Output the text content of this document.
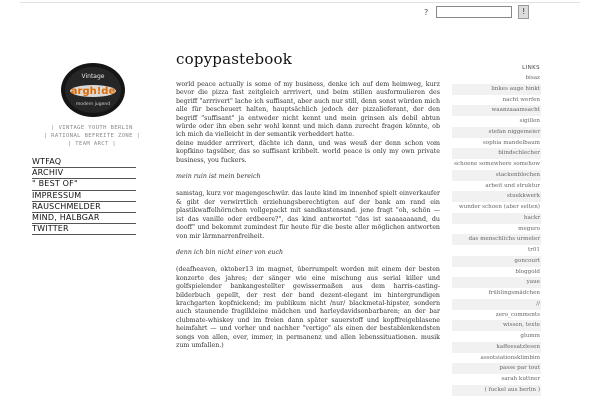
?	!
Vintage
argh!de
modern jugend
| VINTAGE YOUTH BERLIN
| RATIONAL BEFREITE ZONE |
| TEAM ARCT |
WTFAQ
ARCHIV
" BEST OF"
IMPRESSUM
RAUSCHMELDER
MIND, HALBGAR
TWITTER
copypastebook

world peace actually is some of my business, denke ich auf dem heimweg, kurz bevor die pizza fast zeitgleich arrrivert, und beim stillen ausformulieren des begriff "arrrivert" lache ich suffisant, aber auch nur still, denn sonst würden mich alle für bescheuert halten, hauptsächlich jedoch der pizzalieferant, der den begriff "suffisant" ja entweder nicht kennt und mein grinsen als debil abtun würde oder ihn eben sehr wohl kennt und mich dann zurecht fragen könnte, ob ich mich da vielleicht in der semantik verheddert hatte.
deine mudder arrrivert, dächte ich dann, und was weuß der denn schon vom kopfkino tagsüber, das so suffisant kribbelt. world peace is only my own private business, you fuckers.

mein ruin ist mein bereich

samstag, kurz vor magengeschwür. das laute kind im innenhof spielt einverkaufer & gibt der verwirrtlich erziehungsberechtigten auf der bank am rand ein plastikwaffelhörnchen vollgepackt mit sandkastensand. jene fragt "oh, schön — ist das vanille oder erdbeere?", das kind antwortet "das ist saaaaaaaand, du dooff" und bekommt zumindest für heute für die beste aller möglichen antworten von mir lärmnarrenfreiheit.

denn ich bin nicht einer von euch

(deafheaven, oktober13 im magnet, überrumpelt worden mit einem der besten konzerte des jahres; der sänger wie eine mischung aus serial killer und golfspielender bankangestellter gewissermaßen aus dem harris-casting-bilderbuch gepellt, der rest der band dezent-elegant im hintergrundigen krachgarten kopfnickend; im publikum nicht /nur/ blackmetal-hipster, sondern auch staunende fragilkleine mädchen und harleydavidsonbarbaren; an der bar clubmate-whiskey und im freien dann später sauerstoff und kopffreigeblasene heimfahrt — und vorher und nachher "vertigo" als einen der bestablenkendsten songs von allen, ever, immer, in permanenz und allen lebenssituationen. musik zum umfallen.)

LINKS
bisaz
linkes auge hinkt
nacht werfen
waanzaaamsacht
sigillen
stefan niggemeier
sophia mandelbaum
blindschlecher
schoene somewhere somehow
stackenblochen
arbeit und struktur
stuekkwerk
wunder schoen (aber selten)
hackr
meguro
das menschlichs urmeter
tr01
goncourt
bloggold
yaue
frühlingsmädchen
//
zero_comments
wissen, texte
glumm
kaffeesatzlesen
assotsiationsklimbim
passe par tout
sarah kuttner
( fuckel aus berlin )
